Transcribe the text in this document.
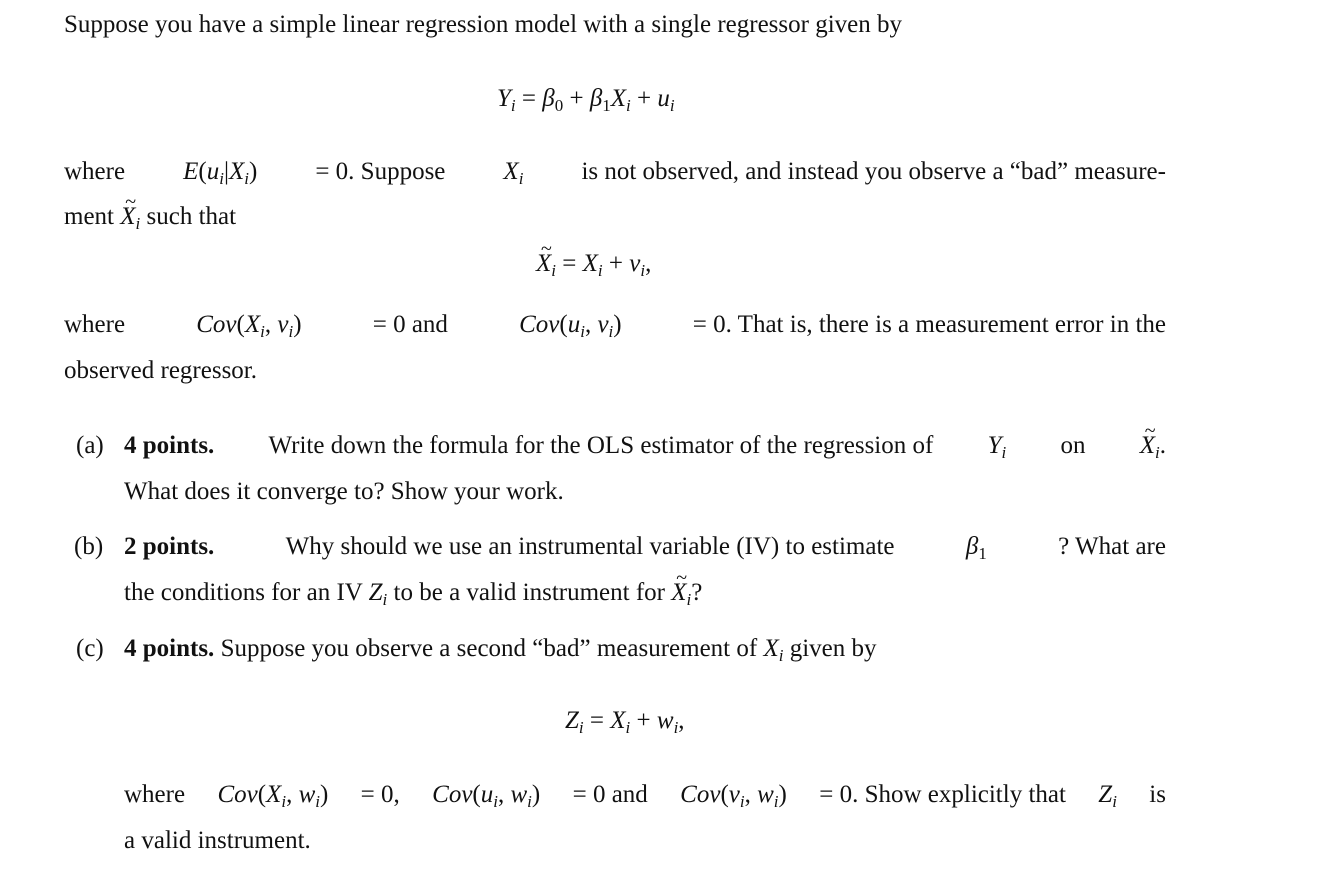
Suppose you have a simple linear regression model with a single regressor given by
$Y_i = \beta_0 + \beta_1X_i + u_i$
where $E(u_i|X_i) = 0$. Suppose $X_i$ is not observed, and instead you observe a “bad” measure-
ment ~ $X_i$ such that
~ $X_i = X_i + v_i$,
where	$Cov(X_i$, $v_i$)	= 0 and	$Cov(u_i$, $v_i$)	= 0. That is, there is a measurement error in the
observed regressor.
(a) 4 points. Write down the formula for the OLS estimator of the regression of $Y_i$ on ~ $X_i$.
What does it converge to? Show your work.
(b) 2 points.	Why should we use an instrumental variable (IV) to estimate	$\beta_1$	? What are
the conditions for an IV $Z_i$ to be a valid instrument for ~ $X_i$?
(c) 4 points. Suppose you observe a second “bad” measurement of $X_i$ given by
$Z_i = X_i + w_i$,
where $Cov(X_i$, $w_i) = 0$, $Cov(u_i$, $w_i) = 0$ and $Cov(v_i$, $w_i) = 0$. Show explicitly that $Z_i$ is
a valid instrument.
